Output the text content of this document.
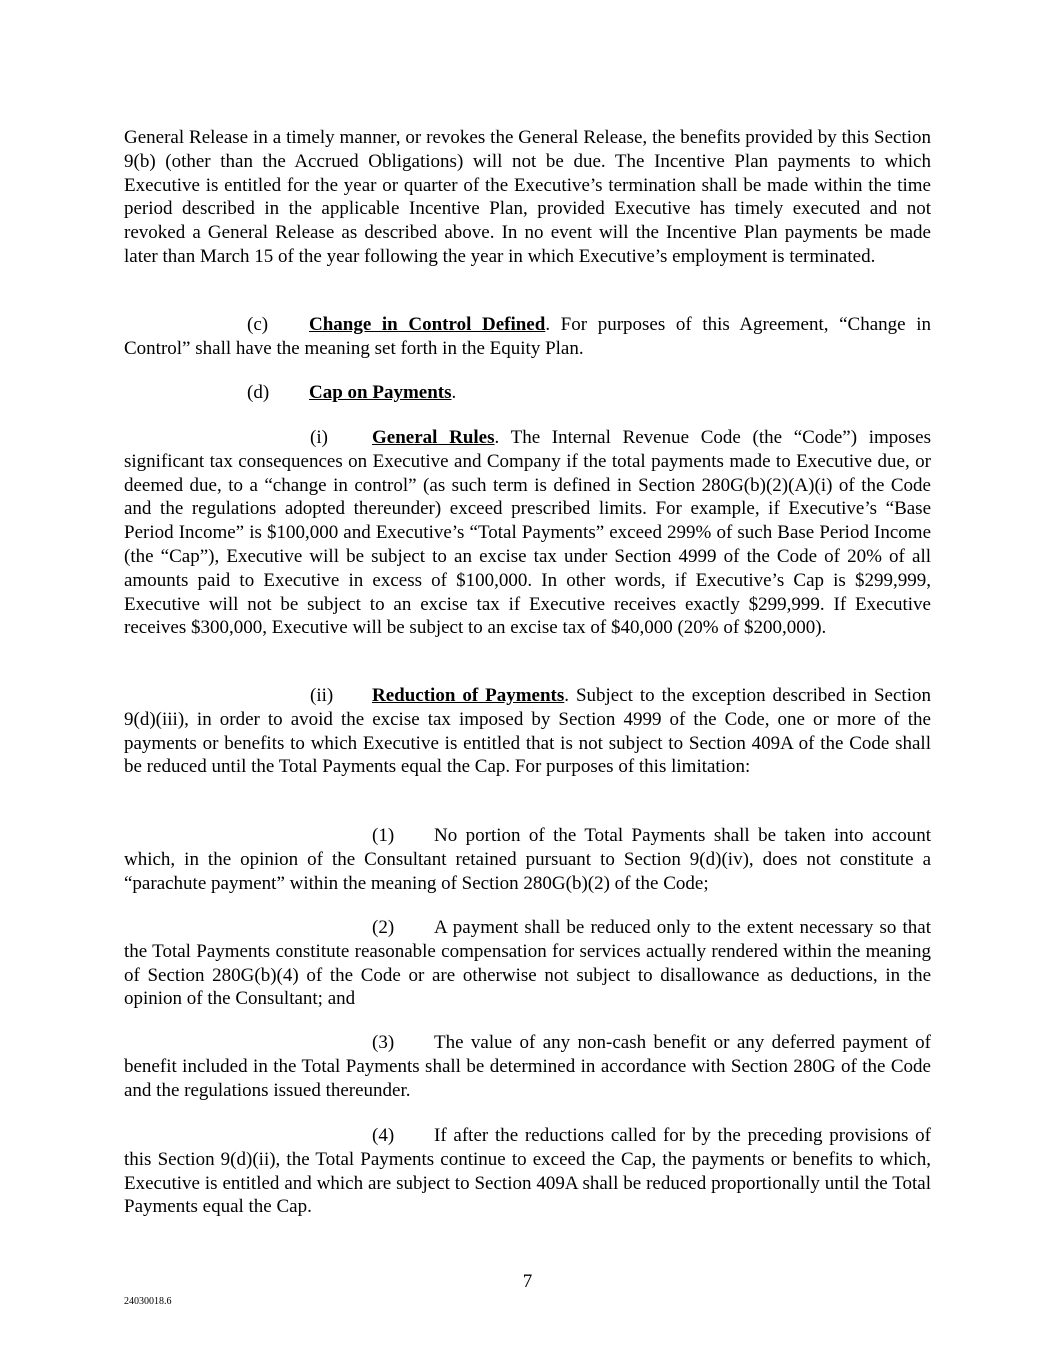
General Release in a timely manner, or revokes the General Release, the benefits provided by this Section 9(b) (other than the Accrued Obligations) will not be due. The Incentive Plan payments to which Executive is entitled for the year or quarter of the Executive’s termination shall be made within the time period described in the applicable Incentive Plan, provided Executive has timely executed and not revoked a General Release as described above. In no event will the Incentive Plan payments be made later than March 15 of the year following the year in which Executive’s employment is terminated.

(c) Change in Control Defined. For purposes of this Agreement, “Change in Control” shall have the meaning set forth in the Equity Plan.

(d) Cap on Payments.

(i) General Rules. The Internal Revenue Code (the “Code”) imposes significant tax consequences on Executive and Company if the total payments made to Executive due, or deemed due, to a “change in control” (as such term is defined in Section 280G(b)(2)(A)(i) of the Code and the regulations adopted thereunder) exceed prescribed limits. For example, if Executive’s “Base Period Income” is $100,000 and Executive’s “Total Payments” exceed 299% of such Base Period Income (the “Cap”), Executive will be subject to an excise tax under Section 4999 of the Code of 20% of all amounts paid to Executive in excess of $100,000. In other words, if Executive’s Cap is $299,999, Executive will not be subject to an excise tax if Executive receives exactly $299,999. If Executive receives $300,000, Executive will be subject to an excise tax of $40,000 (20% of $200,000).

(ii) Reduction of Payments. Subject to the exception described in Section 9(d)(iii), in order to avoid the excise tax imposed by Section 4999 of the Code, one or more of the payments or benefits to which Executive is entitled that is not subject to Section 409A of the Code shall be reduced until the Total Payments equal the Cap. For purposes of this limitation:

(1) No portion of the Total Payments shall be taken into account which, in the opinion of the Consultant retained pursuant to Section 9(d)(iv), does not constitute a “parachute payment” within the meaning of Section 280G(b)(2) of the Code;

(2) A payment shall be reduced only to the extent necessary so that the Total Payments constitute reasonable compensation for services actually rendered within the meaning of Section 280G(b)(4) of the Code or are otherwise not subject to disallowance as deductions, in the opinion of the Consultant; and

(3) The value of any non-cash benefit or any deferred payment of benefit included in the Total Payments shall be determined in accordance with Section 280G of the Code and the regulations issued thereunder.

(4) If after the reductions called for by the preceding provisions of this Section 9(d)(ii), the Total Payments continue to exceed the Cap, the payments or benefits to which, Executive is entitled and which are subject to Section 409A shall be reduced proportionally until the Total Payments equal the Cap.

7
24030018.6
